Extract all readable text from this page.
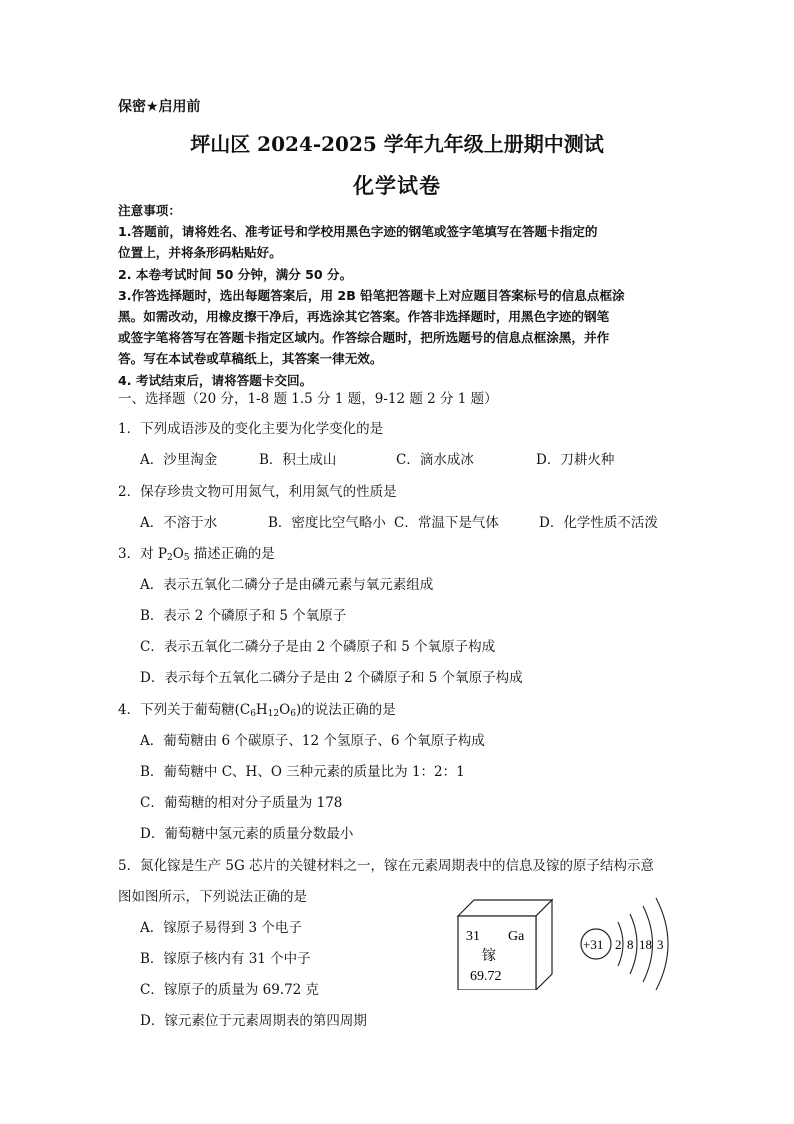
保密★启用前
坪山区 2024-2025 学年九年级上册期中测试
化学试卷
注意事项：
1.答题前，请将姓名、准考证号和学校用黑色字迹的钢笔或签字笔填写在答题卡指定的
位置上，并将条形码粘贴好。
2. 本卷考试时间 50 分钟，满分 50 分。
3.作答选择题时，选出每题答案后，用 2B 铅笔把答题卡上对应题目答案标号的信息点框涂
黑。如需改动，用橡皮擦干净后，再选涂其它答案。作答非选择题时，用黑色字迹的钢笔
或签字笔将答写在答题卡指定区域内。作答综合题时，把所选题号的信息点框涂黑，并作
答。写在本试卷或草稿纸上，其答案一律无效。
4. 考试结束后，请将答题卡交回。
一、选择题（20 分，1-8 题 1.5 分 1 题，9-12 题 2 分 1 题）
1．下列成语涉及的变化主要为化学变化的是
A．沙里淘金	B．积土成山	C．滴水成冰	D．刀耕火种
2．保存珍贵文物可用氮气，利用氮气的性质是
A．不溶于水	B．密度比空气略小 C．常温下是气体	D．化学性质不活泼
3．对 $P_2O_5$ 描述正确的是
A．表示五氧化二磷分子是由磷元素与氧元素组成
B．表示 2 个磷原子和 5 个氧原子
C．表示五氧化二磷分子是由 2 个磷原子和 5 个氧原子构成
D．表示每个五氧化二磷分子是由 2 个磷原子和 5 个氧原子构成
4．下列关于葡萄糖$(C_6H_{12}O_6)$的说法正确的是
A．葡萄糖由 6 个碳原子、12 个氢原子、6 个氧原子构成
B．葡萄糖中 C、H、O 三种元素的质量比为 1：2：1
C．葡萄糖的相对分子质量为 178
D．葡萄糖中氢元素的质量分数最小
5．氮化镓是生产 5G 芯片的关键材料之一，镓在元素周期表中的信息及镓的原子结构示意
图如图所示，下列说法正确的是
A．镓原子易得到 3 个电子
B．镓原子核内有 31 个中子
C．镓原子的质量为 69.72 克
D．镓元素位于元素周期表的第四周期
31 Ga
镓
69.72
+31 2 8 18 3
